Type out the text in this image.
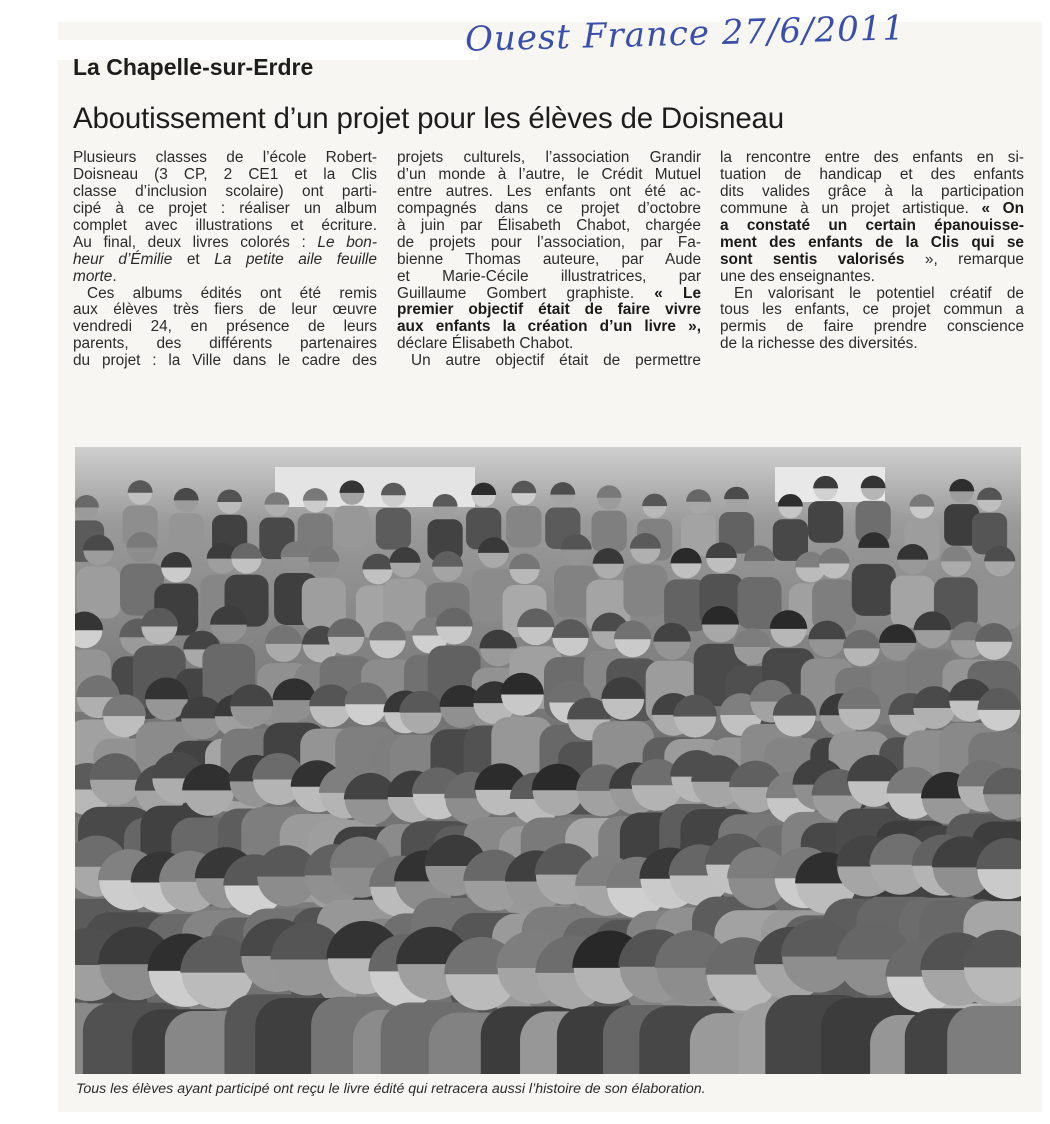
Ouest France 27/6/2011
La Chapelle-sur-Erdre
Aboutissement d’un projet pour les élèves de Doisneau
Plusieurs classes de l’école Robert-
Doisneau (3 CP, 2 CE1 et la Clis
classe d’inclusion scolaire) ont parti-
cipé à ce projet : réaliser un album
complet avec illustrations et écriture.
Au final, deux livres colorés : Le bon-
heur d’Émilie et La petite aile feuille
morte.
Ces albums édités ont été remis
aux élèves très fiers de leur œuvre
vendredi 24, en présence de leurs
parents, des différents partenaires
du projet : la Ville dans le cadre des
projets culturels, l’association Grandir
d’un monde à l’autre, le Crédit Mutuel
entre autres. Les enfants ont été ac-
compagnés dans ce projet d’octobre
à juin par Élisabeth Chabot, chargée
de projets pour l’association, par Fa-
bienne Thomas auteure, par Aude
et Marie-Cécile illustratrices, par
Guillaume Gombert graphiste. « Le
premier objectif était de faire vivre
aux enfants la création d’un livre »,
déclare Élisabeth Chabot.
Un autre objectif était de permettre
la rencontre entre des enfants en si-
tuation de handicap et des enfants
dits valides grâce à la participation
commune à un projet artistique. « On
a constaté un certain épanouisse-
ment des enfants de la Clis qui se
sont sentis valorisés », remarque
une des enseignantes.
En valorisant le potentiel créatif de
tous les enfants, ce projet commun a
permis de faire prendre conscience
de la richesse des diversités.
Tous les élèves ayant participé ont reçu le livre édité qui retracera aussi l’histoire de son élaboration.
